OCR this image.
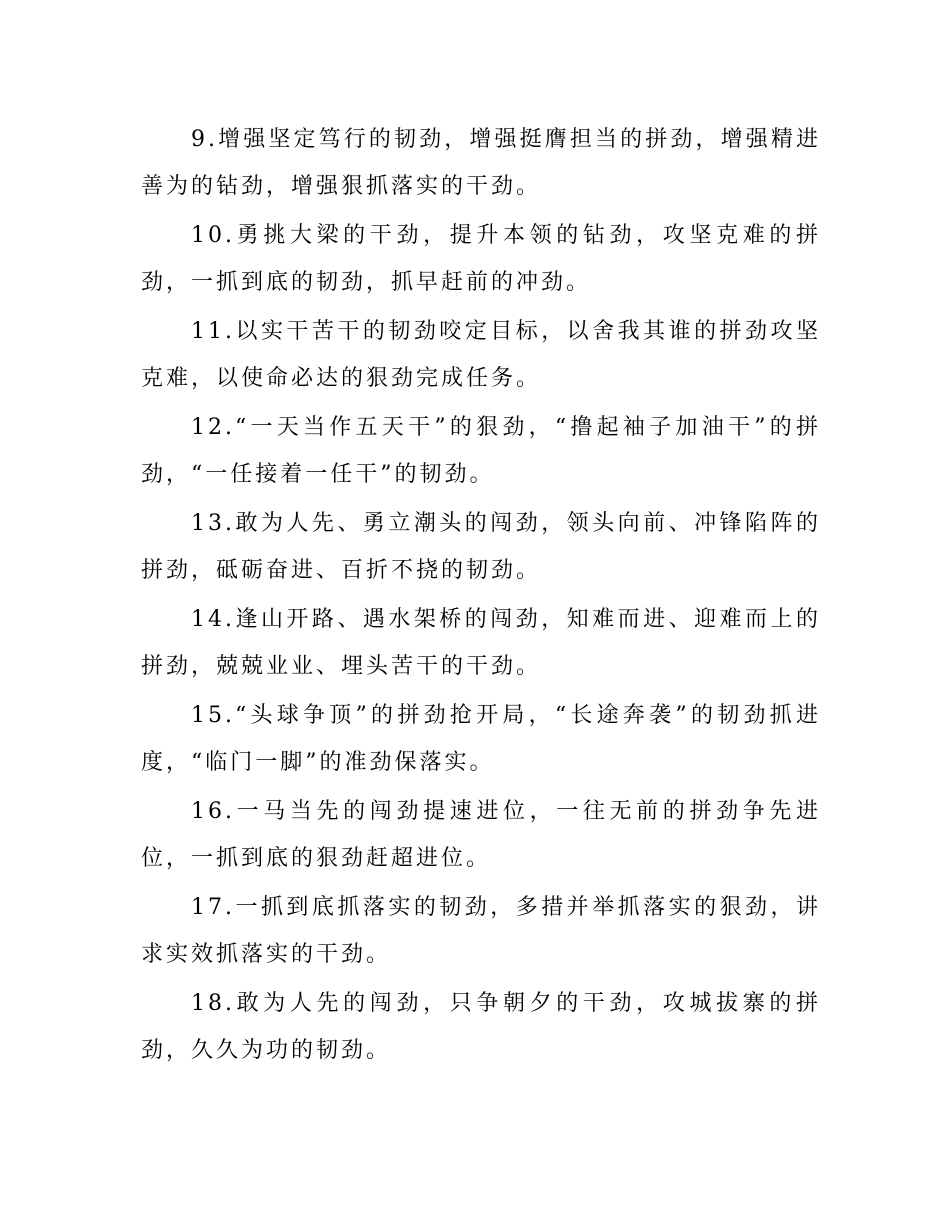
9.增强坚定笃行的韧劲，增强挺膺担当的拼劲，增强精进善为的钻劲，增强狠抓落实的干劲。

10.勇挑大梁的干劲，提升本领的钻劲，攻坚克难的拼劲，一抓到底的韧劲，抓早赶前的冲劲。

11.以实干苦干的韧劲咬定目标，以舍我其谁的拼劲攻坚克难，以使命必达的狠劲完成任务。

12.“一天当作五天干”的狠劲，“撸起袖子加油干”的拼劲，“一任接着一任干”的韧劲。

13.敢为人先、勇立潮头的闯劲，领头向前、冲锋陷阵的拼劲，砥砺奋进、百折不挠的韧劲。

14.逢山开路、遇水架桥的闯劲，知难而进、迎难而上的拼劲，兢兢业业、埋头苦干的干劲。

15.“头球争顶”的拼劲抢开局，“长途奔袭”的韧劲抓进度，“临门一脚”的准劲保落实。

16.一马当先的闯劲提速进位，一往无前的拼劲争先进位，一抓到底的狠劲赶超进位。

17.一抓到底抓落实的韧劲，多措并举抓落实的狠劲，讲求实效抓落实的干劲。

18.敢为人先的闯劲，只争朝夕的干劲，攻城拔寨的拼劲，久久为功的韧劲。
